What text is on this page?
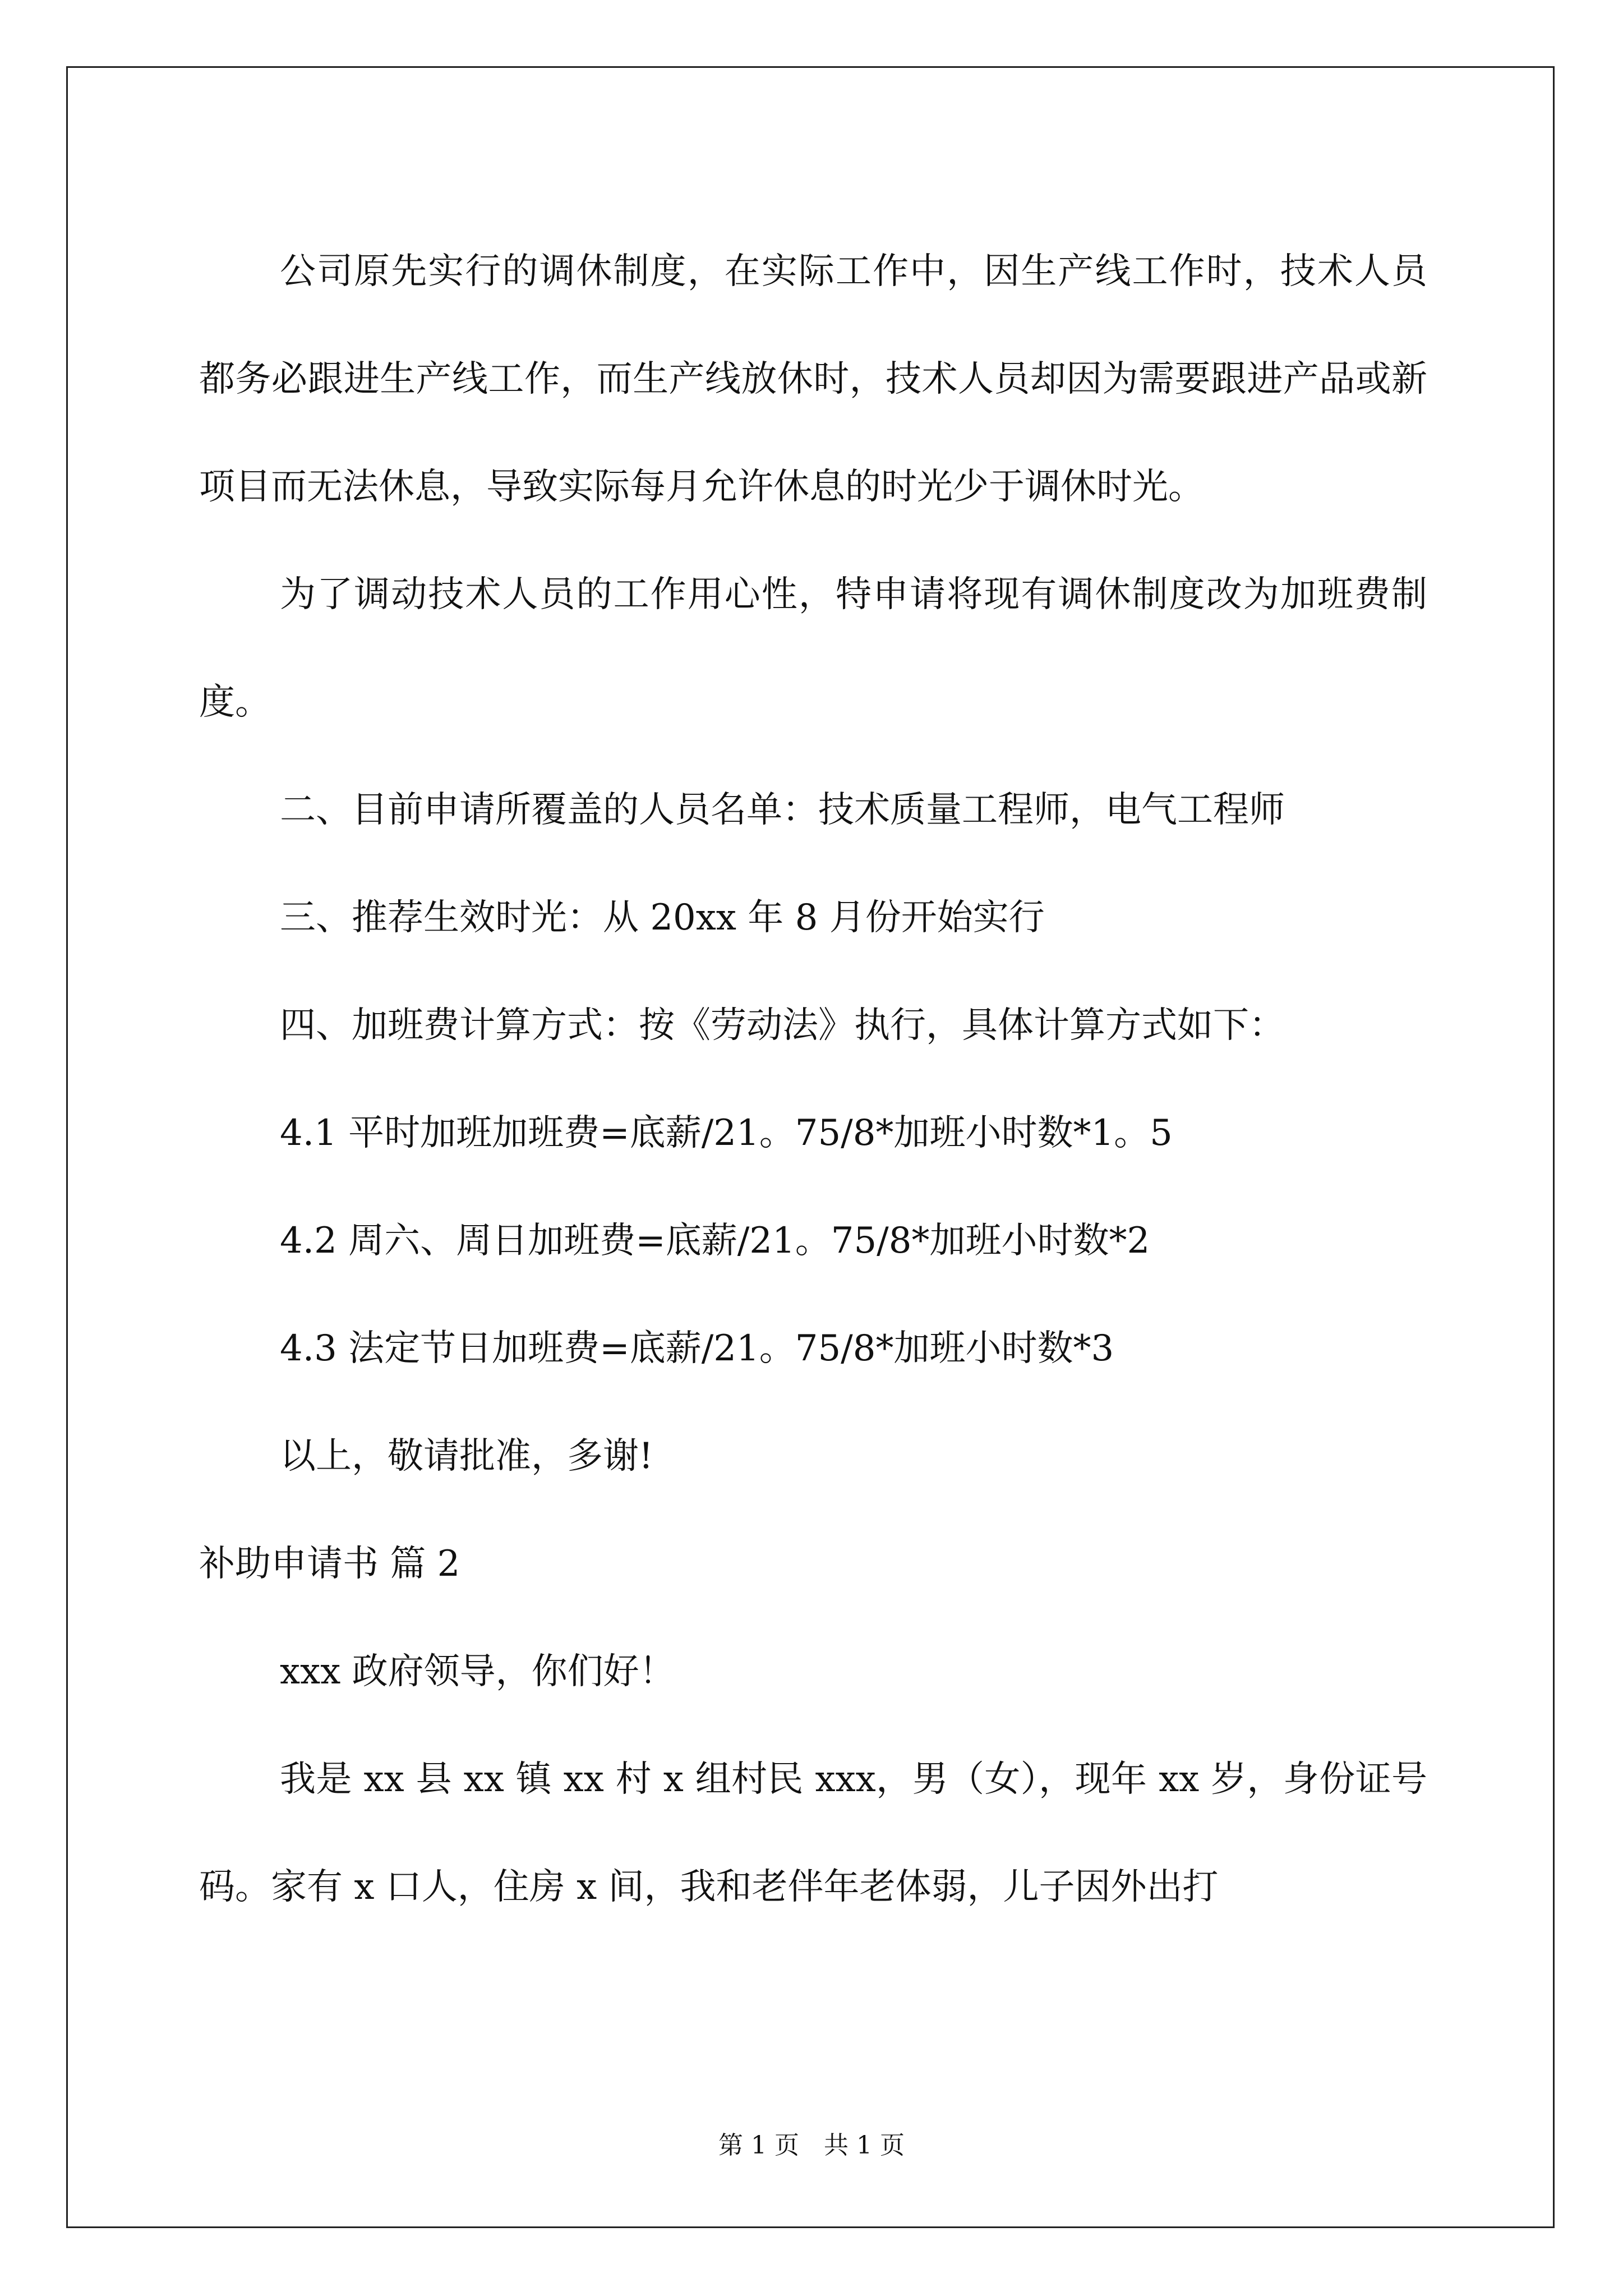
公司原先实行的调休制度，在实际工作中，因生产线工作时，技术人员都务必跟进生产线工作，而生产线放休时，技术人员却因为需要跟进产品或新项目而无法休息，导致实际每月允许休息的时光少于调休时光。

为了调动技术人员的工作用心性，特申请将现有调休制度改为加班费制度。

二、目前申请所覆盖的人员名单：技术质量工程师，电气工程师

三、推荐生效时光：从 20xx 年 8 月份开始实行

四、加班费计算方式：按《劳动法》执行，具体计算方式如下：

4.1 平时加班加班费=底薪/21。75/8*加班小时数*1。5

4.2 周六、周日加班费=底薪/21。75/8*加班小时数*2

4.3 法定节日加班费=底薪/21。75/8*加班小时数*3

以上，敬请批准，多谢!

补助申请书 篇 2

xxx 政府领导，你们好！

我是 xx 县 xx 镇 xx 村 x 组村民 xxx，男（女），现年 xx 岁，身份证号码。家有 x 口人，住房 x 间，我和老伴年老体弱，儿子因外出打

第 1 页 共 1 页
